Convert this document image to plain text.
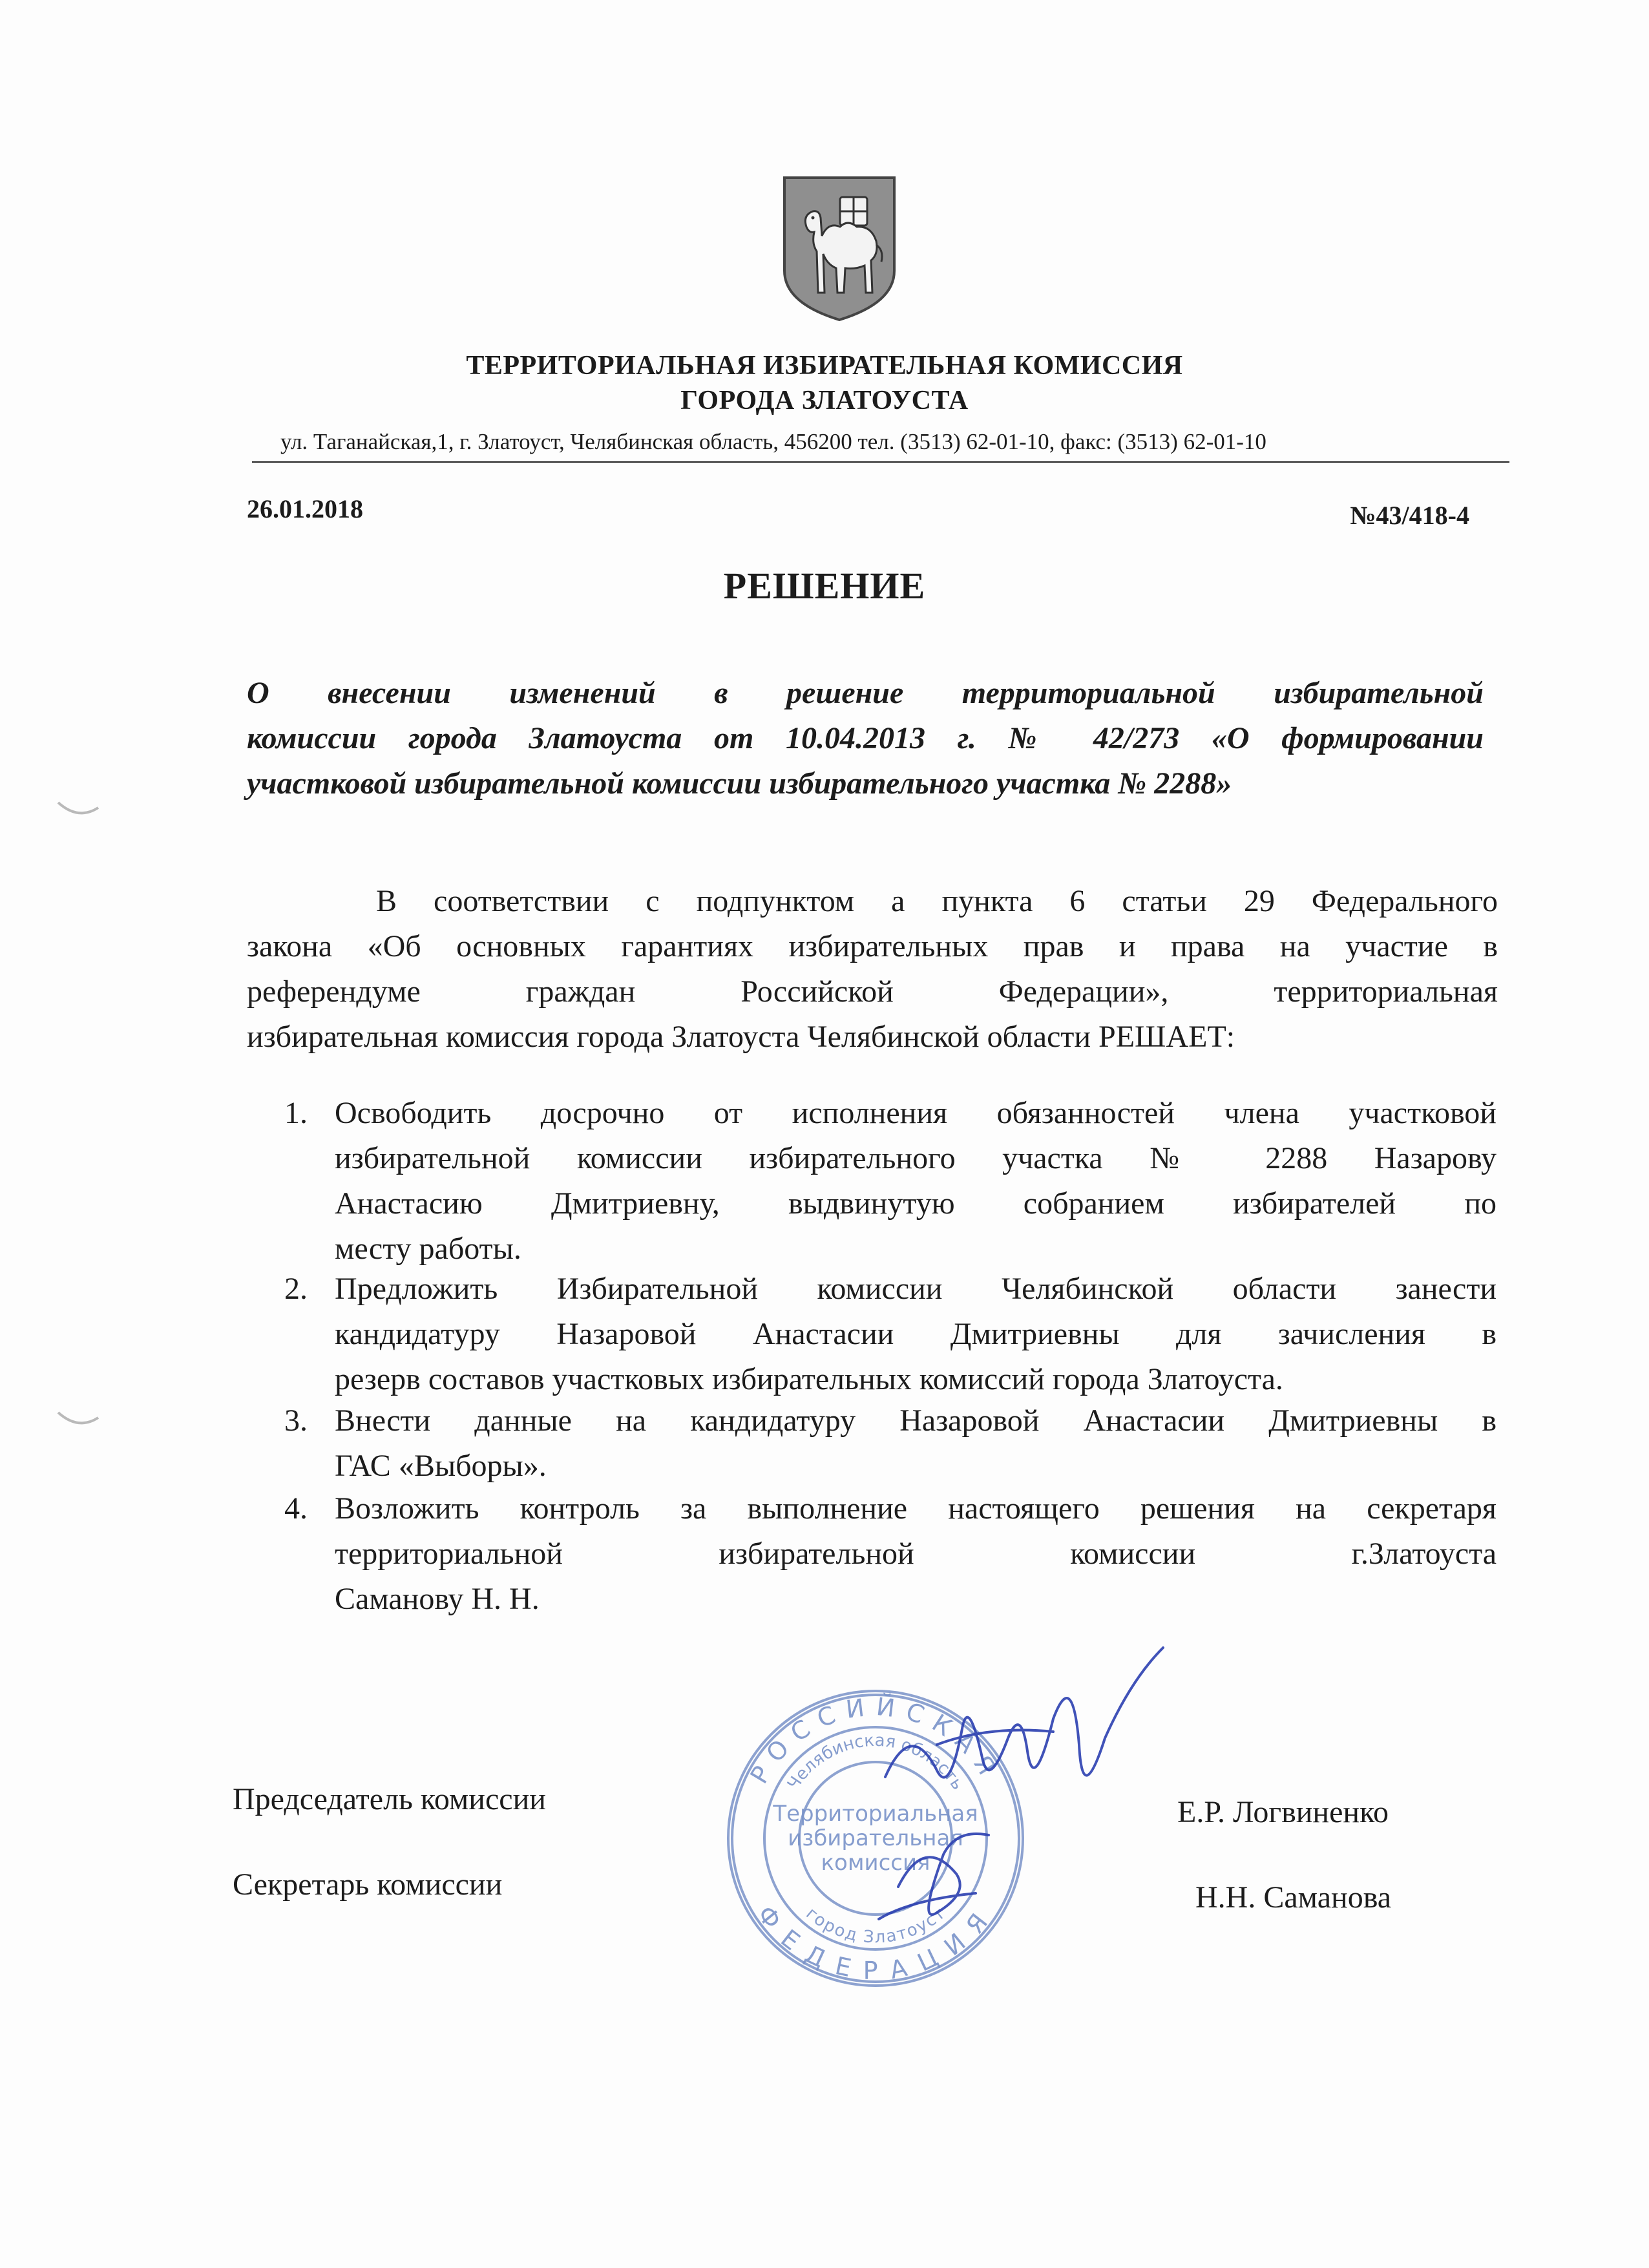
ТЕРРИТОРИАЛЬНАЯ ИЗБИРАТЕЛЬНАЯ КОМИССИЯ
ГОРОДА ЗЛАТОУСТА
ул. Таганайская,1, г. Златоуст, Челябинская область, 456200 тел. (3513) 62-01-10, факс: (3513) 62-01-10
26.01.2018	№43/418-4
РЕШЕНИЕ
О внесении изменений в решение территориальной избирательной
комиссии города Златоуста от 10.04.2013 г. № 42/273 «О формировании
участковой избирательной комиссии избирательного участка № 2288»
В соответствии с подпунктом а пункта 6 статьи 29 Федерального
закона «Об основных гарантиях избирательных прав и права на участие в
референдуме граждан Российской Федерации», территориальная
избирательная комиссия города Златоуста Челябинской области РЕШАЕТ:
1. Освободить досрочно от исполнения обязанностей члена участковой
избирательной комиссии избирательного участка № 2288 Назарову
Анастасию Дмитриевну, выдвинутую собранием избирателей по
месту работы.
2. Предложить Избирательной комиссии Челябинской области занести
кандидатуру Назаровой Анастасии Дмитриевны для зачисления в
резерв составов участковых избирательных комиссий города Златоуста.
3. Внести данные на кандидатуру Назаровой Анастасии Дмитриевны в
ГАС «Выборы».
4. Возложить контроль за выполнение настоящего решения на секретаря
территориальной избирательной комиссии г.Златоуста
Саманову Н. Н.
Председатель комиссии	Е.Р. Логвиненко
Секретарь комиссии	Н.Н. Саманова
РОССИЙСКАЯ
ФЕДЕРАЦИЯ
Челябинская область
город Златоуст
Территориальная
избирательная
комиссия
